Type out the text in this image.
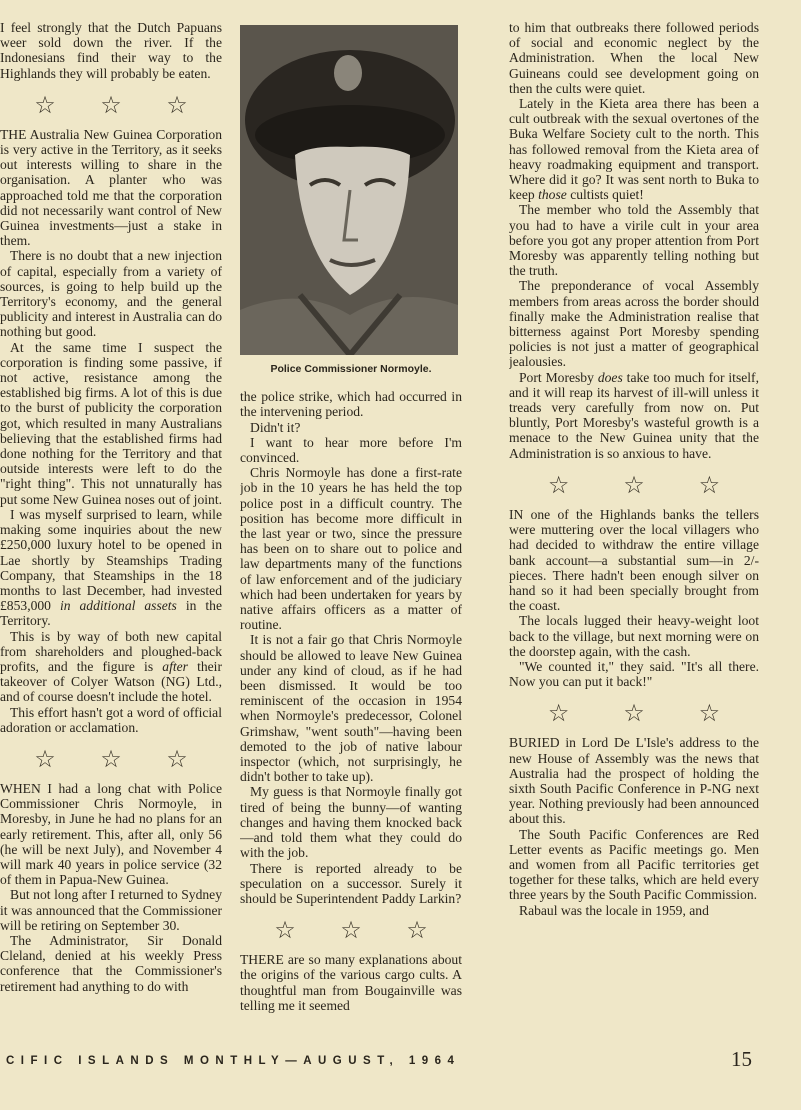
I feel strongly that the Dutch Papuans weer sold down the river. If the Indonesians find their way to the Highlands they will probably be eaten.

☆ ☆ ☆

THE Australia New Guinea Corporation is very active in the Territory, as it seeks out interests willing to share in the organisation. A planter who was approached told me that the corporation did not necessarily want control of New Guinea investments—just a stake in them.

There is no doubt that a new injection of capital, especially from a variety of sources, is going to help build up the Territory's economy, and the general publicity and interest in Australia can do nothing but good.

At the same time I suspect the corporation is finding some passive, if not active, resistance among the established big firms. A lot of this is due to the burst of publicity the corporation got, which resulted in many Australians believing that the established firms had done nothing for the Territory and that outside interests were left to do the "right thing". This not unnaturally has put some New Guinea noses out of joint.

I was myself surprised to learn, while making some inquiries about the new £250,000 luxury hotel to be opened in Lae shortly by Steamships Trading Company, that Steamships in the 18 months to last December, had invested £853,000 in additional assets in the Territory.

This is by way of both new capital from shareholders and ploughed-back profits, and the figure is after their takeover of Colyer Watson (NG) Ltd., and of course doesn't include the hotel.

This effort hasn't got a word of official adoration or acclamation.

☆ ☆ ☆

WHEN I had a long chat with Police Commissioner Chris Normoyle, in Moresby, in June he had no plans for an early retirement. This, after all, only 56 (he will be next July), and November 4 will mark 40 years in police service (32 of them in Papua-New Guinea.

But not long after I returned to Sydney it was announced that the Commissioner will be retiring on September 30.

The Administrator, Sir Donald Cleland, denied at his weekly Press conference that the Commissioner's retirement had anything to do with

Police Commissioner Normoyle.

the police strike, which had occurred in the intervening period.

Didn't it?

I want to hear more before I'm convinced.

Chris Normoyle has done a first-rate job in the 10 years he has held the top police post in a difficult country. The position has become more difficult in the last year or two, since the pressure has been on to share out to police and law departments many of the functions of law enforcement and of the judiciary which had been undertaken for years by native affairs officers as a matter of routine.

It is not a fair go that Chris Normoyle should be allowed to leave New Guinea under any kind of cloud, as if he had been dismissed. It would be too reminiscent of the occasion in 1954 when Normoyle's predecessor, Colonel Grimshaw, "went south"—having been demoted to the job of native labour inspector (which, not surprisingly, he didn't bother to take up).

My guess is that Normoyle finally got tired of being the bunny—of wanting changes and having them knocked back—and told them what they could do with the job.

There is reported already to be speculation on a successor. Surely it should be Superintendent Paddy Larkin?

☆ ☆ ☆

THERE are so many explanations about the origins of the various cargo cults. A thoughtful man from Bougainville was telling me it seemed

to him that outbreaks there followed periods of social and economic neglect by the Administration. When the local New Guineans could see development going on then the cults were quiet.

Lately in the Kieta area there has been a cult outbreak with the sexual overtones of the Buka Welfare Society cult to the north. This has followed removal from the Kieta area of heavy roadmaking equipment and transport. Where did it go? It was sent north to Buka to keep those cultists quiet!

The member who told the Assembly that you had to have a virile cult in your area before you got any proper attention from Port Moresby was apparently telling nothing but the truth.

The preponderance of vocal Assembly members from areas across the border should finally make the Administration realise that bitterness against Port Moresby spending policies is not just a matter of geographical jealousies.

Port Moresby does take too much for itself, and it will reap its harvest of ill-will unless it treads very carefully from now on. Put bluntly, Port Moresby's wasteful growth is a menace to the New Guinea unity that the Administration is so anxious to have.

☆ ☆ ☆

IN one of the Highlands banks the tellers were muttering over the local villagers who had decided to withdraw the entire village bank account—a substantial sum—in 2/- pieces. There hadn't been enough silver on hand so it had been specially brought from the coast.

The locals lugged their heavy-weight loot back to the village, but next morning were on the doorstep again, with the cash.

"We counted it," they said. "It's all there. Now you can put it back!"

☆ ☆ ☆

BURIED in Lord De L'Isle's address to the new House of Assembly was the news that Australia had the prospect of holding the sixth South Pacific Conference in P-NG next year. Nothing previously had been announced about this.

The South Pacific Conferences are Red Letter events as Pacific meetings go. Men and women from all Pacific territories get together for these talks, which are held every three years by the South Pacific Commission.

Rabaul was the locale in 1959, and

CIFIC ISLANDS MONTHLY—AUGUST, 1964	15
